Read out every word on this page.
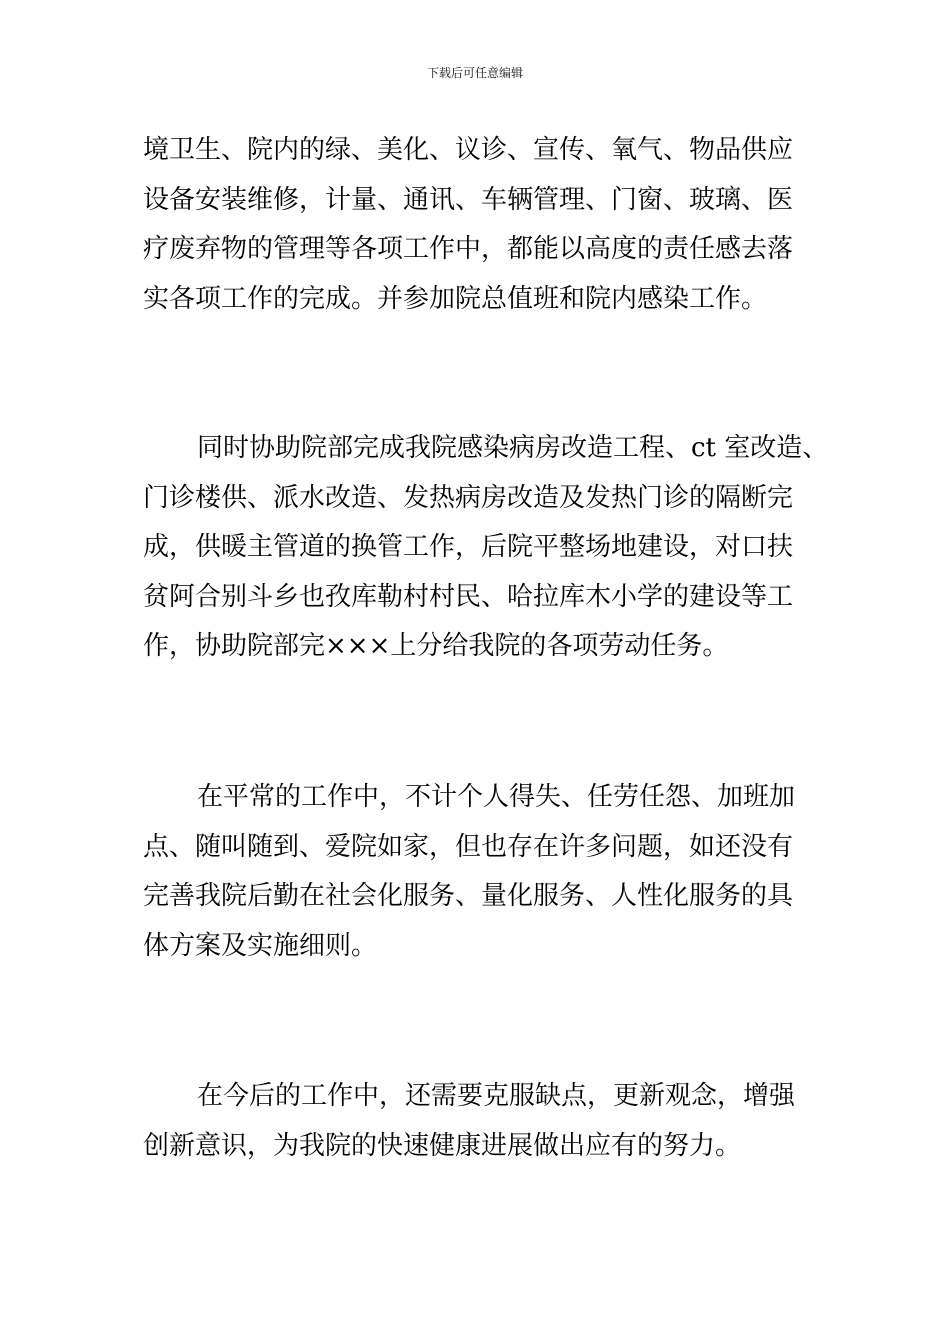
下载后可任意编辑
境卫生、院内的绿、美化、议诊、宣传、氧气、物品供应
设备安装维修，计量、通讯、车辆管理、门窗、玻璃、医
疗废弃物的管理等各项工作中，都能以高度的责任感去落
实各项工作的完成。并参加院总值班和院内感染工作。
同时协助院部完成我院感染病房改造工程、ct 室改造、
门诊楼供、派水改造、发热病房改造及发热门诊的隔断完
成，供暖主管道的换管工作，后院平整场地建设，对口扶
贫阿合别斗乡也孜库勒村村民、哈拉库木小学的建设等工
作，协助院部完×××上分给我院的各项劳动任务。
在平常的工作中，不计个人得失、任劳任怨、加班加
点、随叫随到、爱院如家，但也存在许多问题，如还没有
完善我院后勤在社会化服务、量化服务、人性化服务的具
体方案及实施细则。
在今后的工作中，还需要克服缺点，更新观念，增强
创新意识，为我院的快速健康进展做出应有的努力。
